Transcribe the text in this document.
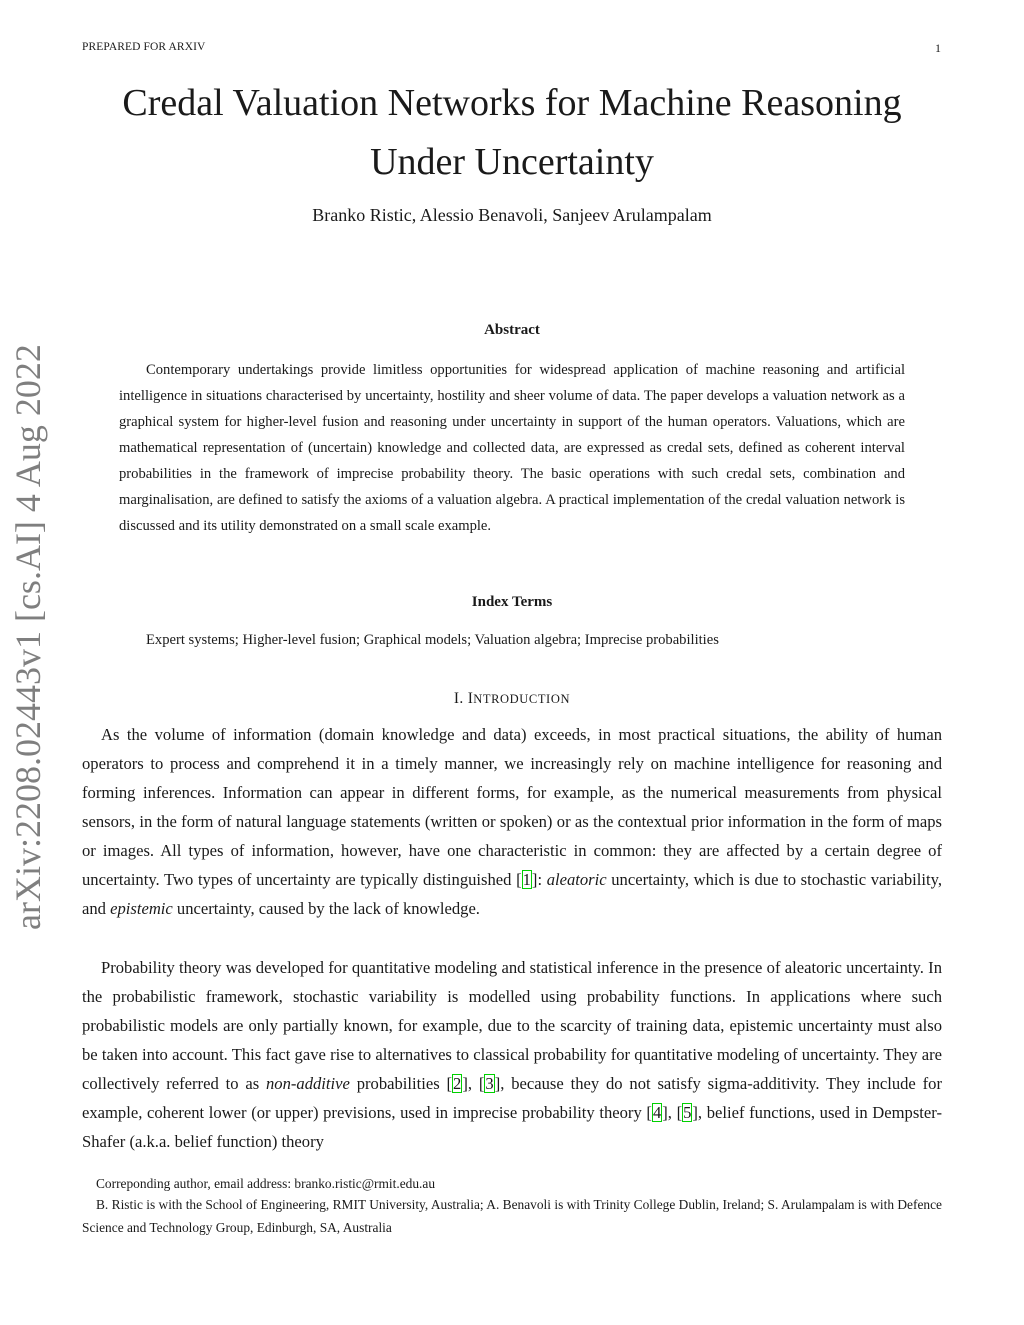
PREPARED FOR ARXIV	1
arXiv:2208.02443v1 [cs.AI] 4 Aug 2022
Credal Valuation Networks for Machine Reasoning
Under Uncertainty
Branko Ristic, Alessio Benavoli, Sanjeev Arulampalam
Abstract

Contemporary undertakings provide limitless opportunities for widespread application of machine reasoning and artificial intelligence in situations characterised by uncertainty, hostility and sheer volume of data. The paper develops a valuation network as a graphical system for higher-level fusion and reasoning under uncertainty in support of the human operators. Valuations, which are mathematical representation of (uncertain) knowledge and collected data, are expressed as credal sets, defined as coherent interval probabilities in the framework of imprecise probability theory. The basic operations with such credal sets, combination and marginalisation, are defined to satisfy the axioms of a valuation algebra. A practical implementation of the credal valuation network is discussed and its utility demonstrated on a small scale example.

Index Terms
Expert systems; Higher-level fusion; Graphical models; Valuation algebra; Imprecise probabilities
I. INTRODUCTION

As the volume of information (domain knowledge and data) exceeds, in most practical situations, the ability of human operators to process and comprehend it in a timely manner, we increasingly rely on machine intelligence for reasoning and forming inferences. Information can appear in different forms, for example, as the numerical measurements from physical sensors, in the form of natural language statements (written or spoken) or as the contextual prior information in the form of maps or images. All types of information, however, have one characteristic in common: they are affected by a certain degree of uncertainty. Two types of uncertainty are typically distinguished [1]: aleatoric uncertainty, which is due to stochastic variability, and epistemic uncertainty, caused by the lack of knowledge.

Probability theory was developed for quantitative modeling and statistical inference in the presence of aleatoric uncertainty. In the probabilistic framework, stochastic variability is modelled using probability functions. In applications where such probabilistic models are only partially known, for example, due to the scarcity of training data, epistemic uncertainty must also be taken into account. This fact gave rise to alternatives to classical probability for quantitative modeling of uncertainty. They are collectively referred to as non-additive probabilities [2], [3], because they do not satisfy sigma-additivity. They include for example, coherent lower (or upper) previsions, used in imprecise probability theory [4], [5], belief functions, used in Dempster-Shafer (a.k.a. belief function) theory

Correponding author, email address: branko.ristic@rmit.edu.au

B. Ristic is with the School of Engineering, RMIT University, Australia; A. Benavoli is with Trinity College Dublin, Ireland; S. Arulampalam is with Defence Science and Technology Group, Edinburgh, SA, Australia
